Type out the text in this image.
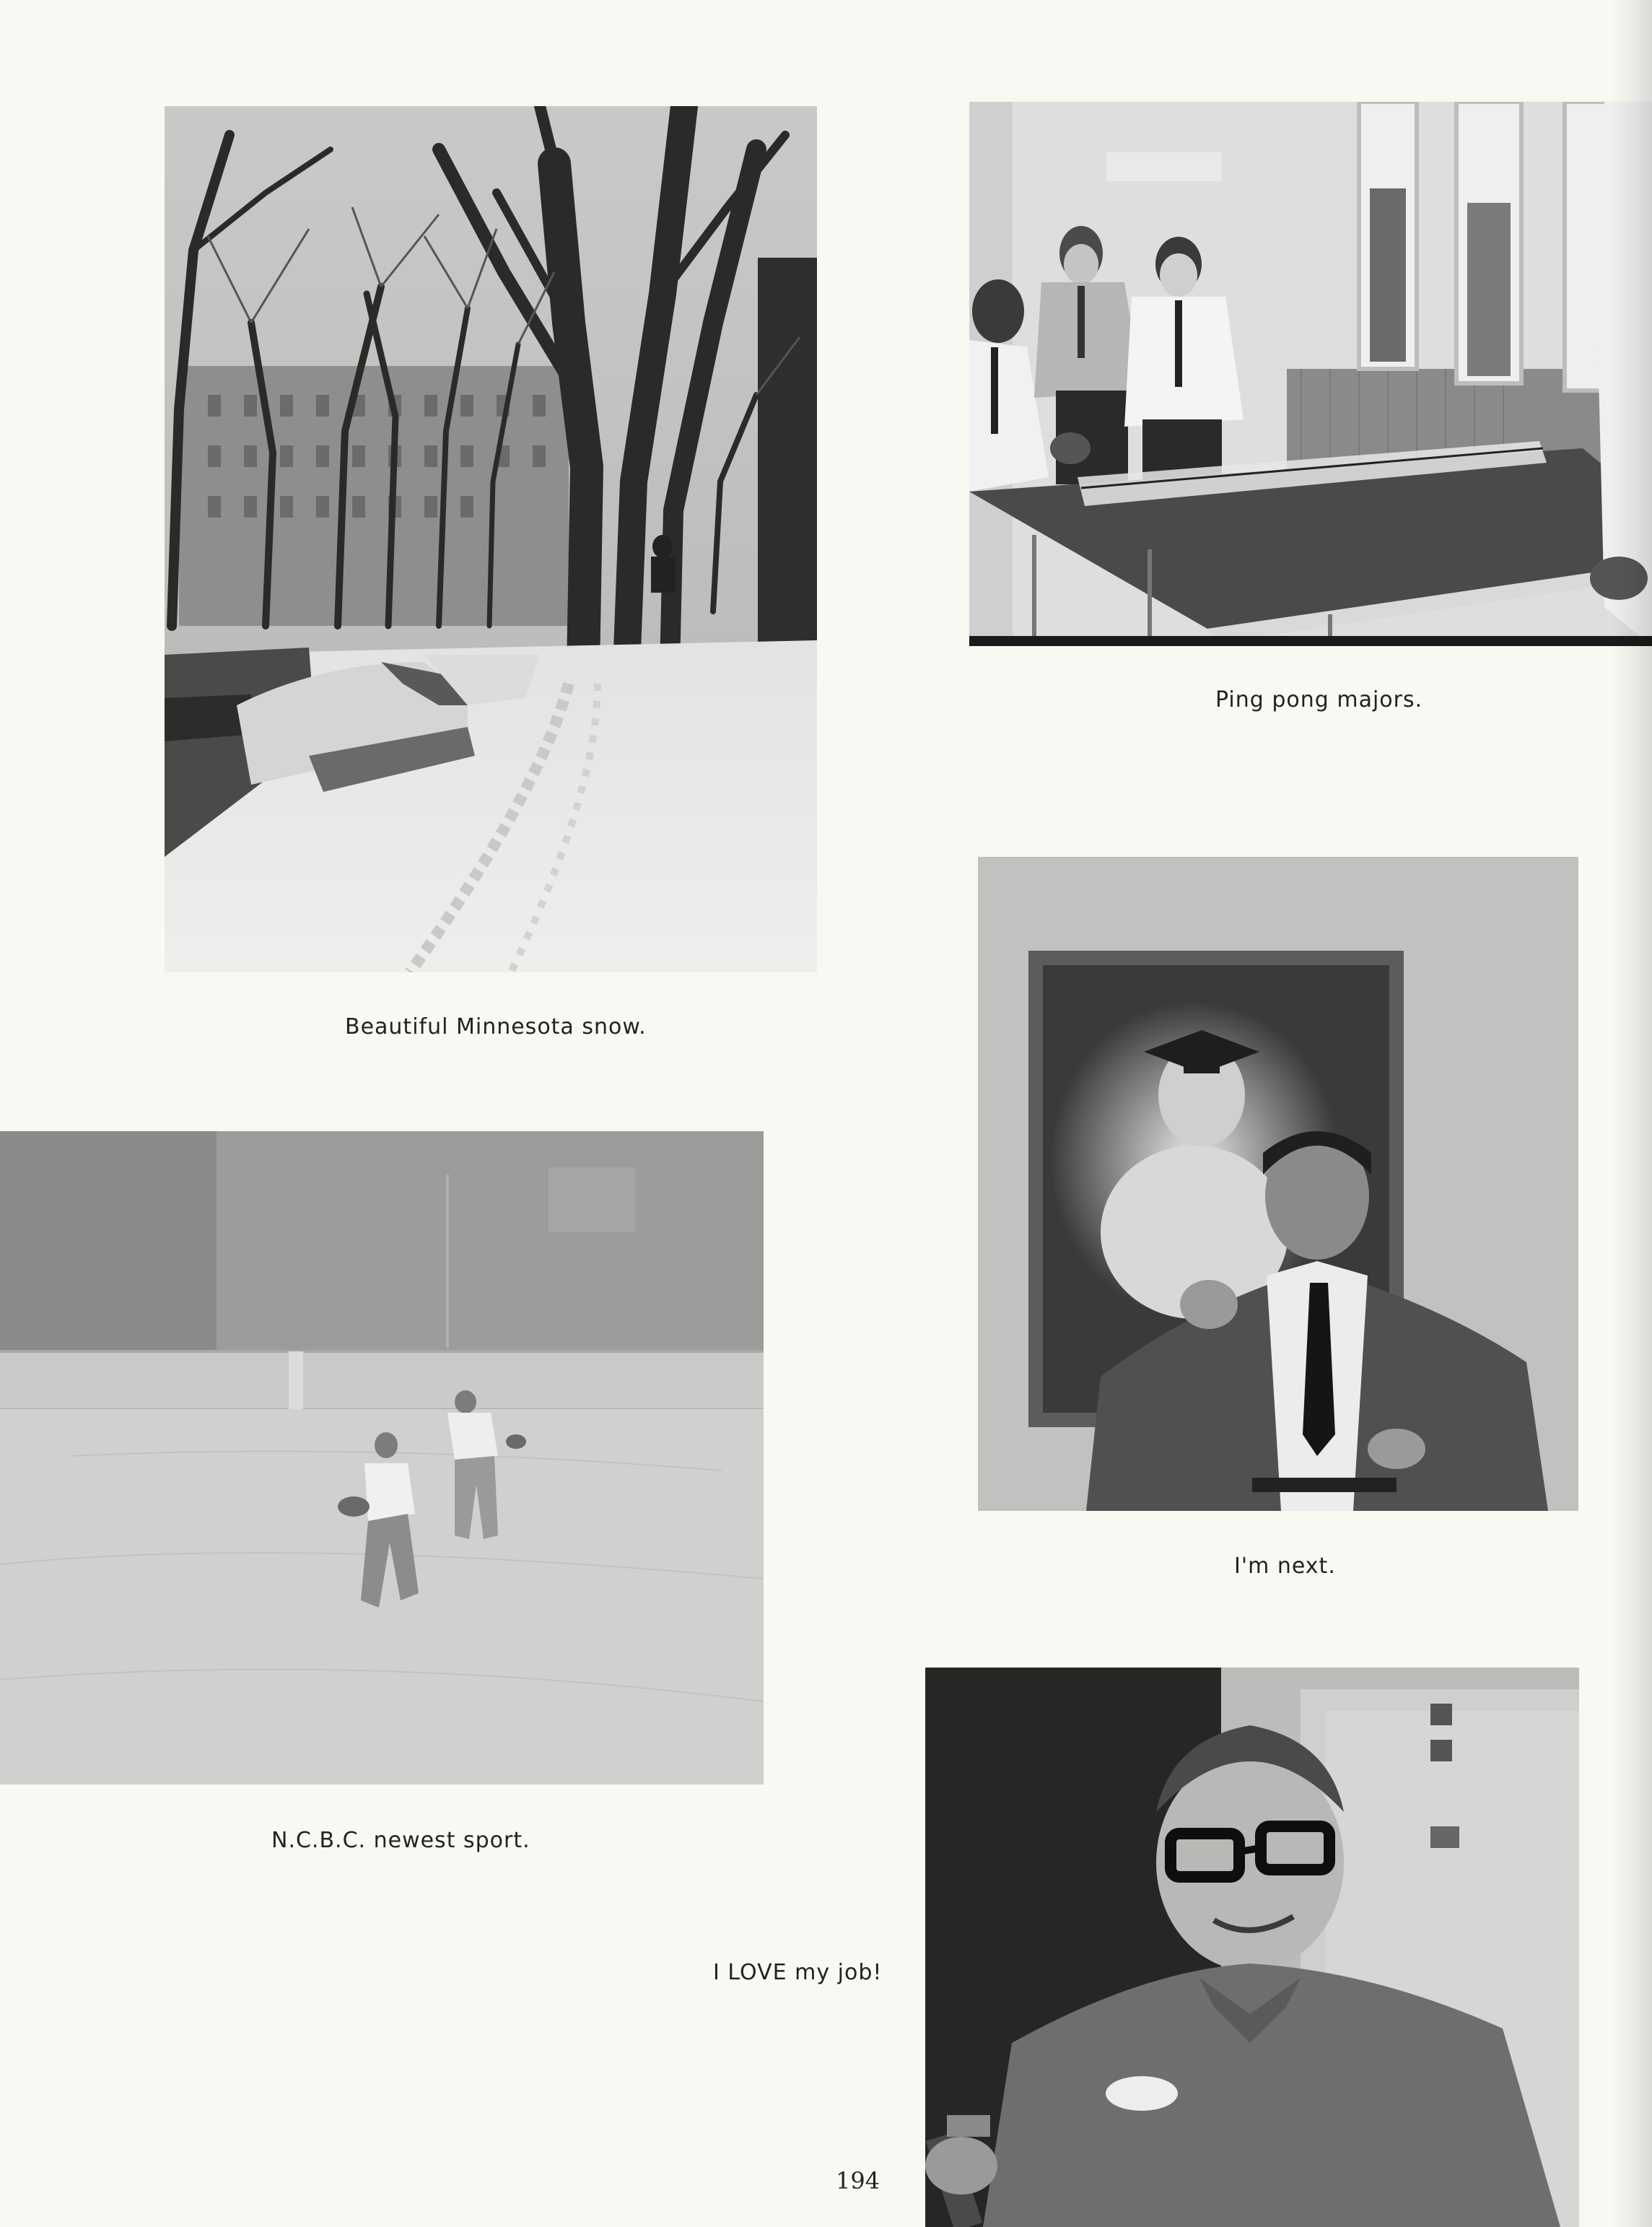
Beautiful Minnesota snow.
Ping pong majors.
I'm next.
N.C.B.C. newest sport.
I LOVE my job!
194
